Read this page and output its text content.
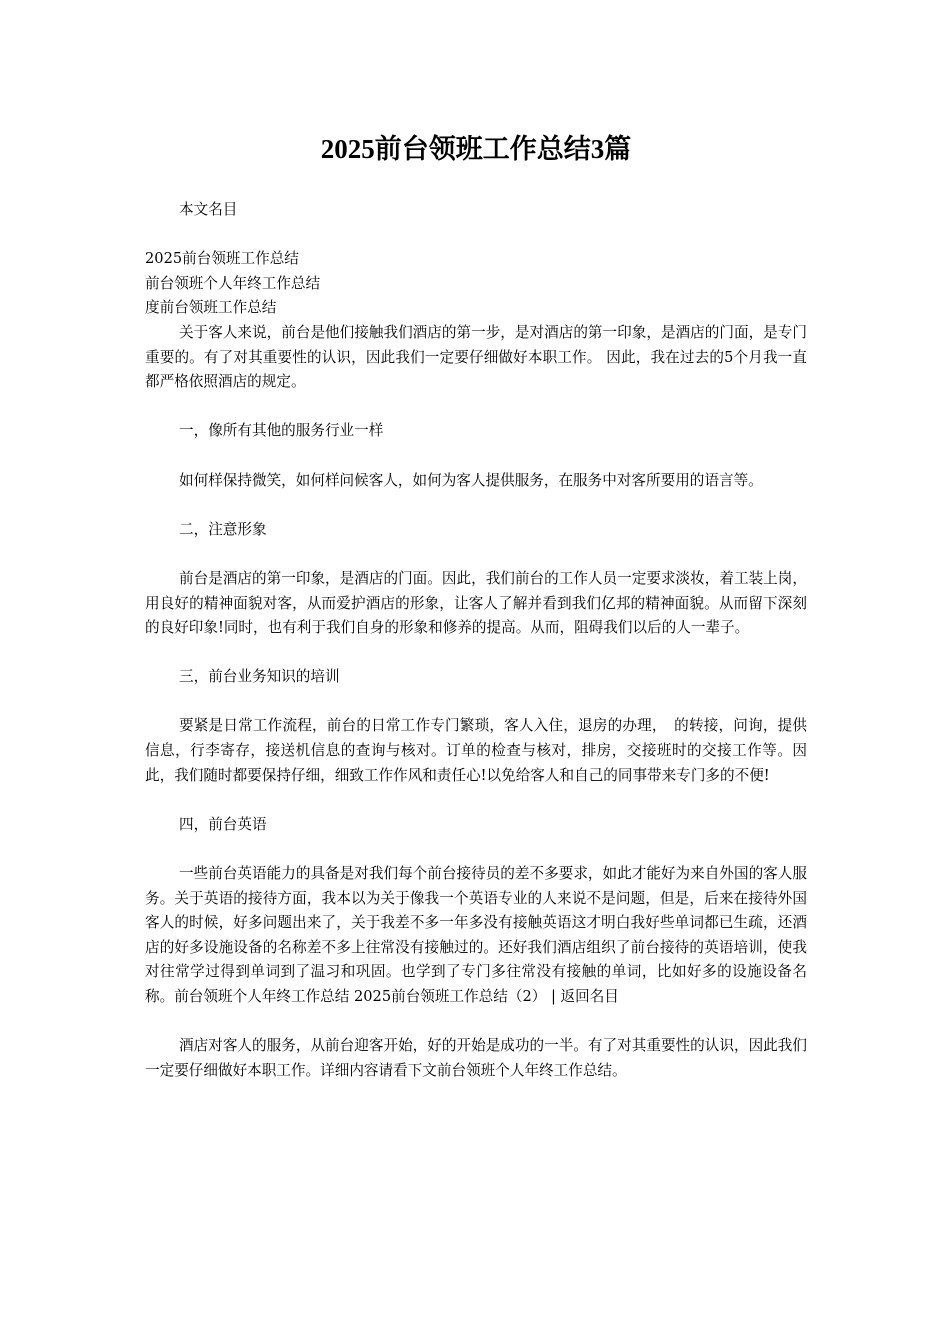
2025前台领班工作总结3篇

本文名目

2025前台领班工作总结
前台领班个人年终工作总结
度前台领班工作总结

关于客人来说，前台是他们接触我们酒店的第一步，是对酒店的第一印象，是酒店的门面，是专门重要的。有了对其重要性的认识，因此我们一定要仔细做好本职工作。 因此，我在过去的5个月我一直都严格依照酒店的规定。

一，像所有其他的服务行业一样

如何样保持微笑，如何样问候客人，如何为客人提供服务，在服务中对客所要用的语言等。

二，注意形象

前台是酒店的第一印象，是酒店的门面。因此，我们前台的工作人员一定要求淡妆，着工装上岗，用良好的精神面貌对客，从而爱护酒店的形象，让客人了解并看到我们亿邦的精神面貌。从而留下深刻的良好印象!同时，也有利于我们自身的形象和修养的提高。从而，阻碍我们以后的人一辈子。

三，前台业务知识的培训

要紧是日常工作流程，前台的日常工作专门繁琐，客人入住，退房的办理，　的转接，问询，提供信息，行李寄存，接送机信息的查询与核对。订单的检查与核对，排房，交接班时的交接工作等。因此，我们随时都要保持仔细，细致工作作风和责任心!以免给客人和自己的同事带来专门多的不便!

四，前台英语

一些前台英语能力的具备是对我们每个前台接待员的差不多要求，如此才能好为来自外国的客人服务。关于英语的接待方面，我本以为关于像我一个英语专业的人来说不是问题，但是，后来在接待外国客人的时候，好多问题出来了，关于我差不多一年多没有接触英语这才明白我好些单词都已生疏，还酒店的好多设施设备的名称差不多上往常没有接触过的。还好我们酒店组织了前台接待的英语培训，使我对往常学过得到单词到了温习和巩固。也学到了专门多往常没有接触的单词，比如好多的设施设备名称。前台领班个人年终工作总结 2025前台领班工作总结（2） | 返回名目

酒店对客人的服务，从前台迎客开始，好的开始是成功的一半。有了对其重要性的认识，因此我们一定要仔细做好本职工作。详细内容请看下文前台领班个人年终工作总结。
